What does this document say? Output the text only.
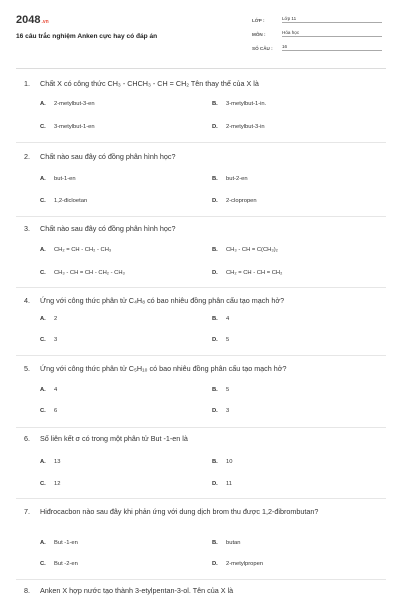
2048.vn
16 câu trắc nghiệm Anken cực hay có đáp án
LỚP :	Lớp 11
MÔN :	Hóa học
SỐ CÂU :	16
1.	Chất X có công thức CH₃ - CHCH₃ - CH = CH₂ Tên thay thế của X là
A.	2-metylbut-3-en	B.	3-metylbut-1-in.
C.	3-metylbut-1-en	D.	2-metylbut-3-in
2.	Chất nào sau đây có đồng phân hình học?
A.	but-1-en	B.	but-2-en
C.	1,2-đicloetan	D.	2-clopropen
3.	Chất nào sau đây có đồng phân hình học?
A.	CH₂ = CH - CH₂ - CH₃	B.	CH₃ - CH = C(CH₃)₂
C.	CH₃ - CH = CH - CH₂ - CH₃	D.	CH₂ = CH - CH = CH₂
4.	Ứng với công thức phân tử C₄H₈ có bao nhiêu đồng phân cấu tạo mạch hở?
A.	2	B.	4
C.	3	D.	5
5.	Ứng với công thức phân tử C₅H₁₀ có bao nhiêu đồng phân cấu tạo mạch hở?
A.	4	B.	5
C.	6	D.	3
6.	Số liên kết σ có trong một phân tử But -1-en là
A.	13	B.	10
C.	12	D.	11
7.	Hiđrocacbon nào sau đây khi phản ứng với dung dịch brom thu được 1,2-đibrombutan?
A.	But -1-en	B.	butan
C.	But -2-en	D.	2-metylpropen
8.	Anken X hợp nước tạo thành 3-etylpentan-3-ol. Tên của X là
